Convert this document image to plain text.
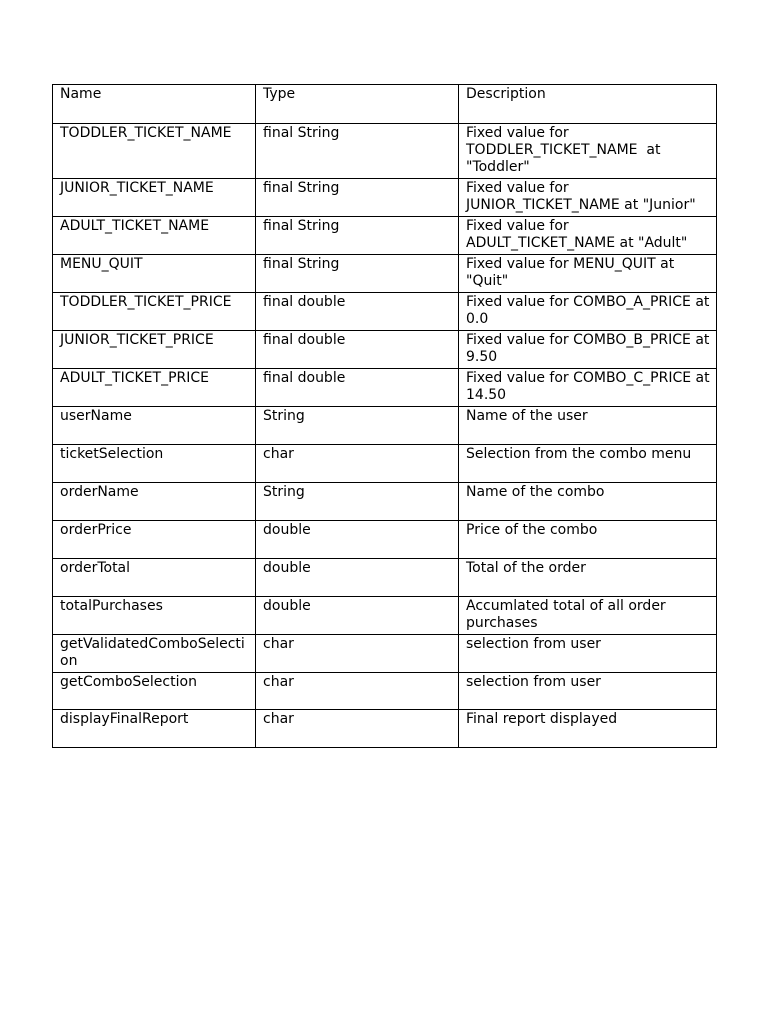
Name	Type	Description
TODDLER_TICKET_NAME	final String	Fixed value for TODDLER_TICKET_NAME  at "Toddler"
JUNIOR_TICKET_NAME	final String	Fixed value for JUNIOR_TICKET_NAME at "Junior"
ADULT_TICKET_NAME	final String	Fixed value for ADULT_TICKET_NAME at "Adult"
MENU_QUIT	final String	Fixed value for MENU_QUIT at "Quit"
TODDLER_TICKET_PRICE	final double	Fixed value for COMBO_A_PRICE at 0.0
JUNIOR_TICKET_PRICE	final double	Fixed value for COMBO_B_PRICE at 9.50
ADULT_TICKET_PRICE	final double	Fixed value for COMBO_C_PRICE at 14.50
userName	String	Name of the user
ticketSelection	char	Selection from the combo menu
orderName	String	Name of the combo
orderPrice	double	Price of the combo
orderTotal	double	Total of the order
totalPurchases	double	Accumlated total of all order purchases
getValidatedComboSelection	char	selection from user
getComboSelection	char	selection from user
displayFinalReport	char	Final report displayed
